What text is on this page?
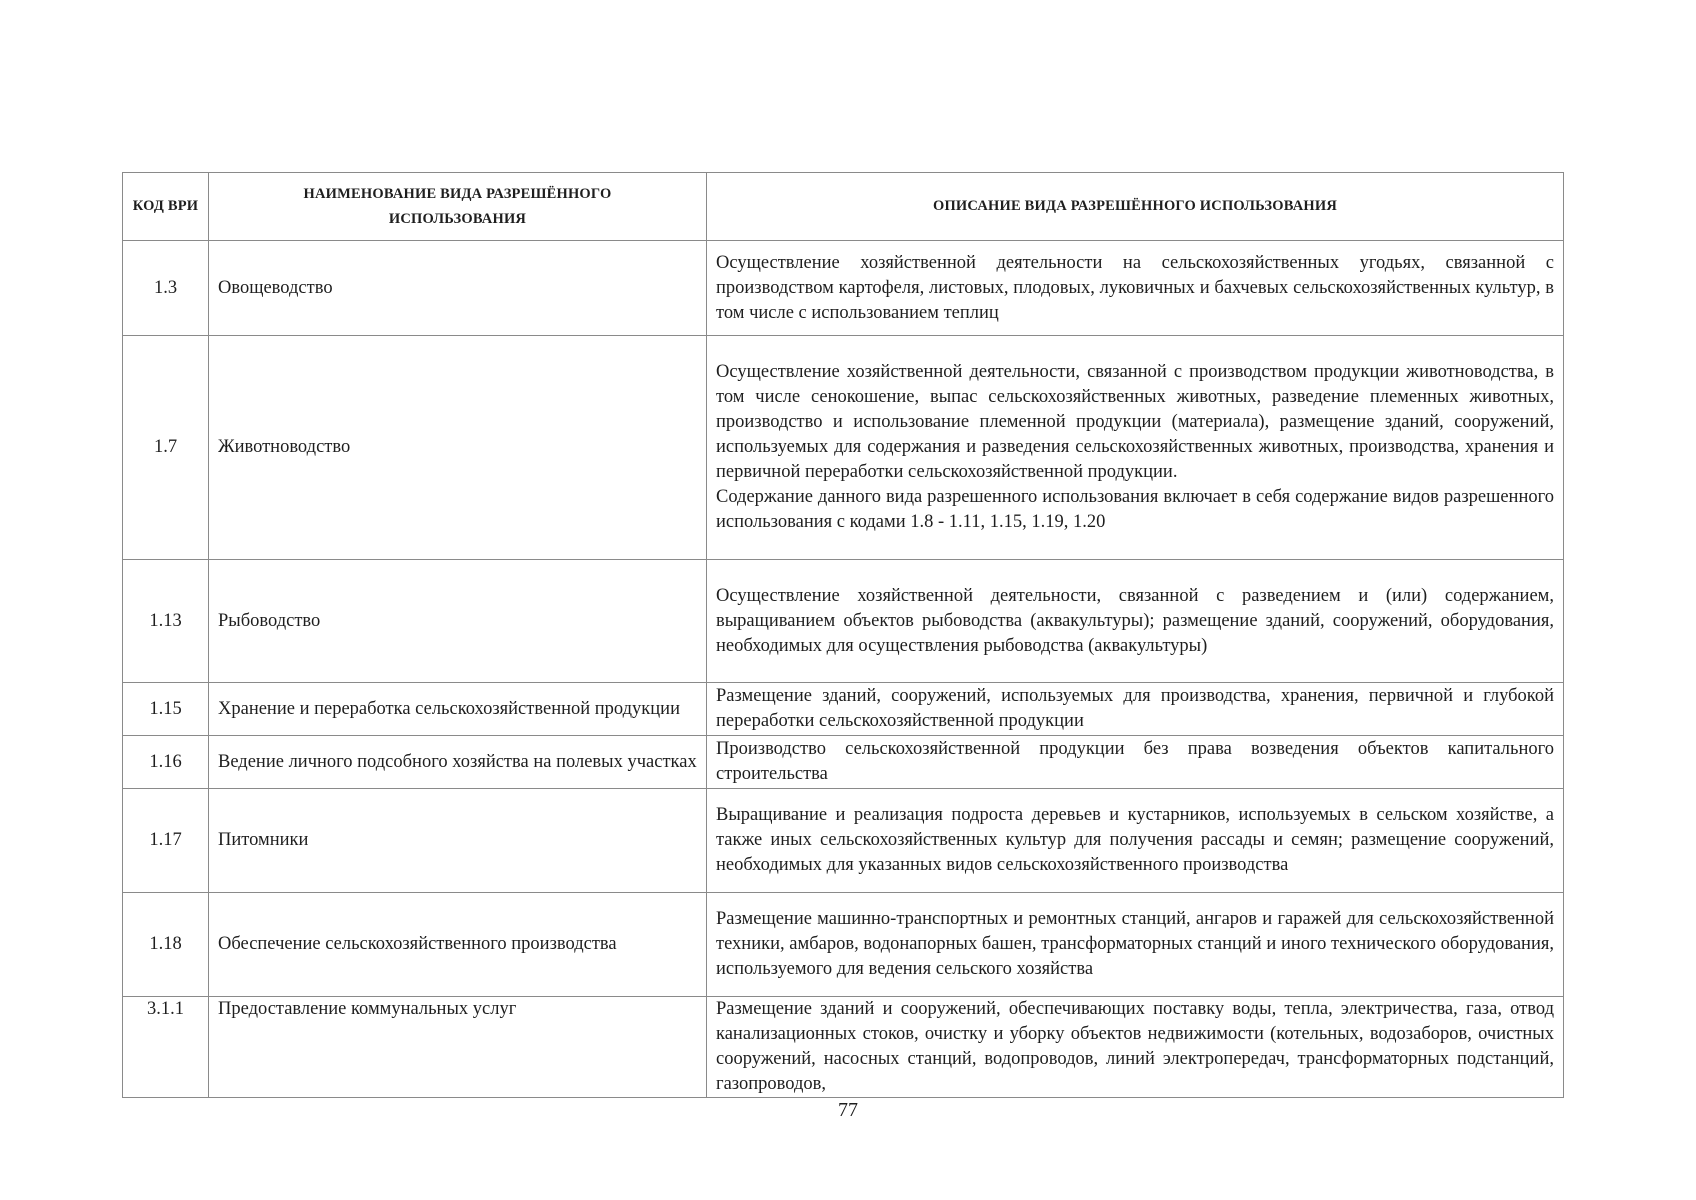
КОД ВРИ	НАИМЕНОВАНИЕ ВИДА РАЗРЕШЁННОГО ИСПОЛЬЗОВАНИЯ	ОПИСАНИЕ ВИДА РАЗРЕШЁННОГО ИСПОЛЬЗОВАНИЯ
1.3	Овощеводство	Осуществление хозяйственной деятельности на сельскохозяйственных угодьях, связанной с производством картофеля, листовых, плодовых, луковичных и бахчевых сельскохозяйственных культур, в том числе с использованием теплиц
1.7	Животноводство	Осуществление хозяйственной деятельности, связанной с производством продукции животноводства, в том числе сенокошение, выпас сельскохозяйственных животных, разведение племенных животных, производство и использование племенной продукции (материала), размещение зданий, сооружений, используемых для содержания и разведения сельскохозяйственных животных, производства, хранения и первичной переработки сельскохозяйственной продукции.
Содержание данного вида разрешенного использования включает в себя содержание видов разрешенного использования с кодами 1.8 - 1.11, 1.15, 1.19, 1.20

1.13	Рыбоводство	Осуществление хозяйственной деятельности, связанной с разведением и (или) содержанием, выращиванием объектов рыбоводства (аквакультуры); размещение зданий, сооружений, оборудования, необходимых для осуществления рыбоводства (аквакультуры)
1.15	Хранение и переработка сельскохозяйственной продукции	Размещение зданий, сооружений, используемых для производства, хранения, первичной и глубокой переработки сельскохозяйственной продукции
1.16	Ведение личного подсобного хозяйства на полевых участках	Производство сельскохозяйственной продукции без права возведения объектов капитального строительства
1.17	Питомники	Выращивание и реализация подроста деревьев и кустарников, используемых в сельском хозяйстве, а также иных сельскохозяйственных культур для получения рассады и семян; размещение сооружений, необходимых для указанных видов сельскохозяйственного производства
1.18	Обеспечение сельскохозяйственного производства	Размещение машинно-транспортных и ремонтных станций, ангаров и гаражей для сельскохозяйственной техники, амбаров, водонапорных башен, трансформаторных станций и иного технического оборудования, используемого для ведения сельского хозяйства
3.1.1	Предоставление коммунальных услуг	Размещение зданий и сооружений, обеспечивающих поставку воды, тепла, электричества, газа, отвод канализационных стоков, очистку и уборку объектов недвижимости (котельных, водозаборов, очистных сооружений, насосных станций, водопроводов, линий электропередач, трансформаторных подстанций, газопроводов,
77
